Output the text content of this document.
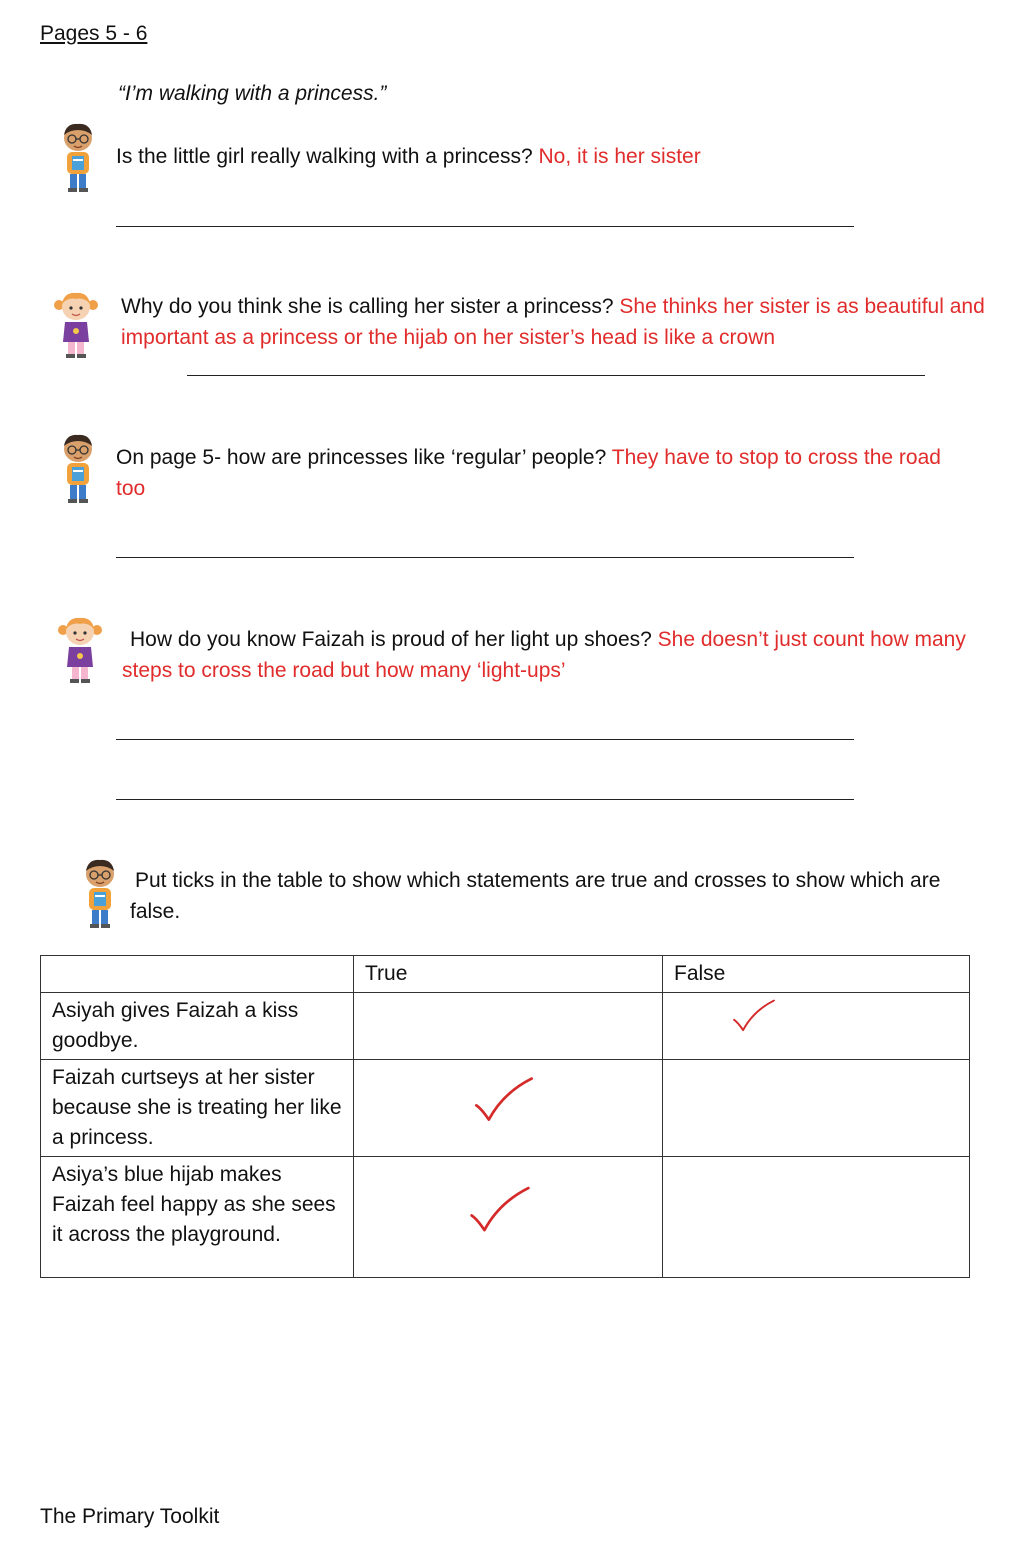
Pages 5 - 6
“I’m walking with a princess.”
Is the little girl really walking with a princess? No, it is her sister
Why do you think she is calling her sister a princess? She thinks her sister is as beautiful and important as a princess or the hijab on her sister’s head is like a crown
On page 5- how are princesses like ‘regular’ people? They have to stop to cross the road too
How do you know Faizah is proud of her light up shoes? She doesn’t just count how many steps to cross the road but how many ‘light-ups’
Put ticks in the table to show which statements are true and crosses to show which are false.
	True	False
Asiyah gives Faizah a kiss goodbye.		

Faizah curtseys at her sister because she is treating her like a princess.	

Asiya’s blue hijab makes Faizah feel happy as she sees it across the playground.	

The Primary Toolkit
